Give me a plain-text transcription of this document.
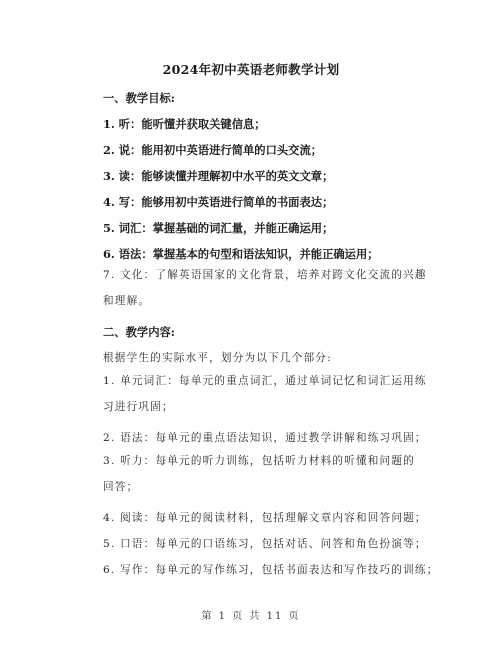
2024年初中英语老师教学计划
一、教学目标:
1. 听：能听懂并获取关键信息；
2. 说：能用初中英语进行简单的口头交流；
3. 读：能够读懂并理解初中水平的英文文章；
4. 写：能够用初中英语进行简单的书面表达；
5. 词汇：掌握基础的词汇量，并能正确运用；
6. 语法：掌握基本的句型和语法知识，并能正确运用；
7. 文化：了解英语国家的文化背景，培养对跨文化交流的兴趣和理解。
二、教学内容:
根据学生的实际水平，划分为以下几个部分:
1. 单元词汇：每单元的重点词汇，通过单词记忆和词汇运用练习进行巩固；
2. 语法：每单元的重点语法知识，通过教学讲解和练习巩固；
3. 听力：每单元的听力训练，包括听力材料的听懂和问题的回答；
4. 阅读：每单元的阅读材料，包括理解文章内容和回答问题；
5. 口语：每单元的口语练习，包括对话、问答和角色扮演等；
6. 写作：每单元的写作练习，包括书面表达和写作技巧的训练；
第 1 页 共 11 页
